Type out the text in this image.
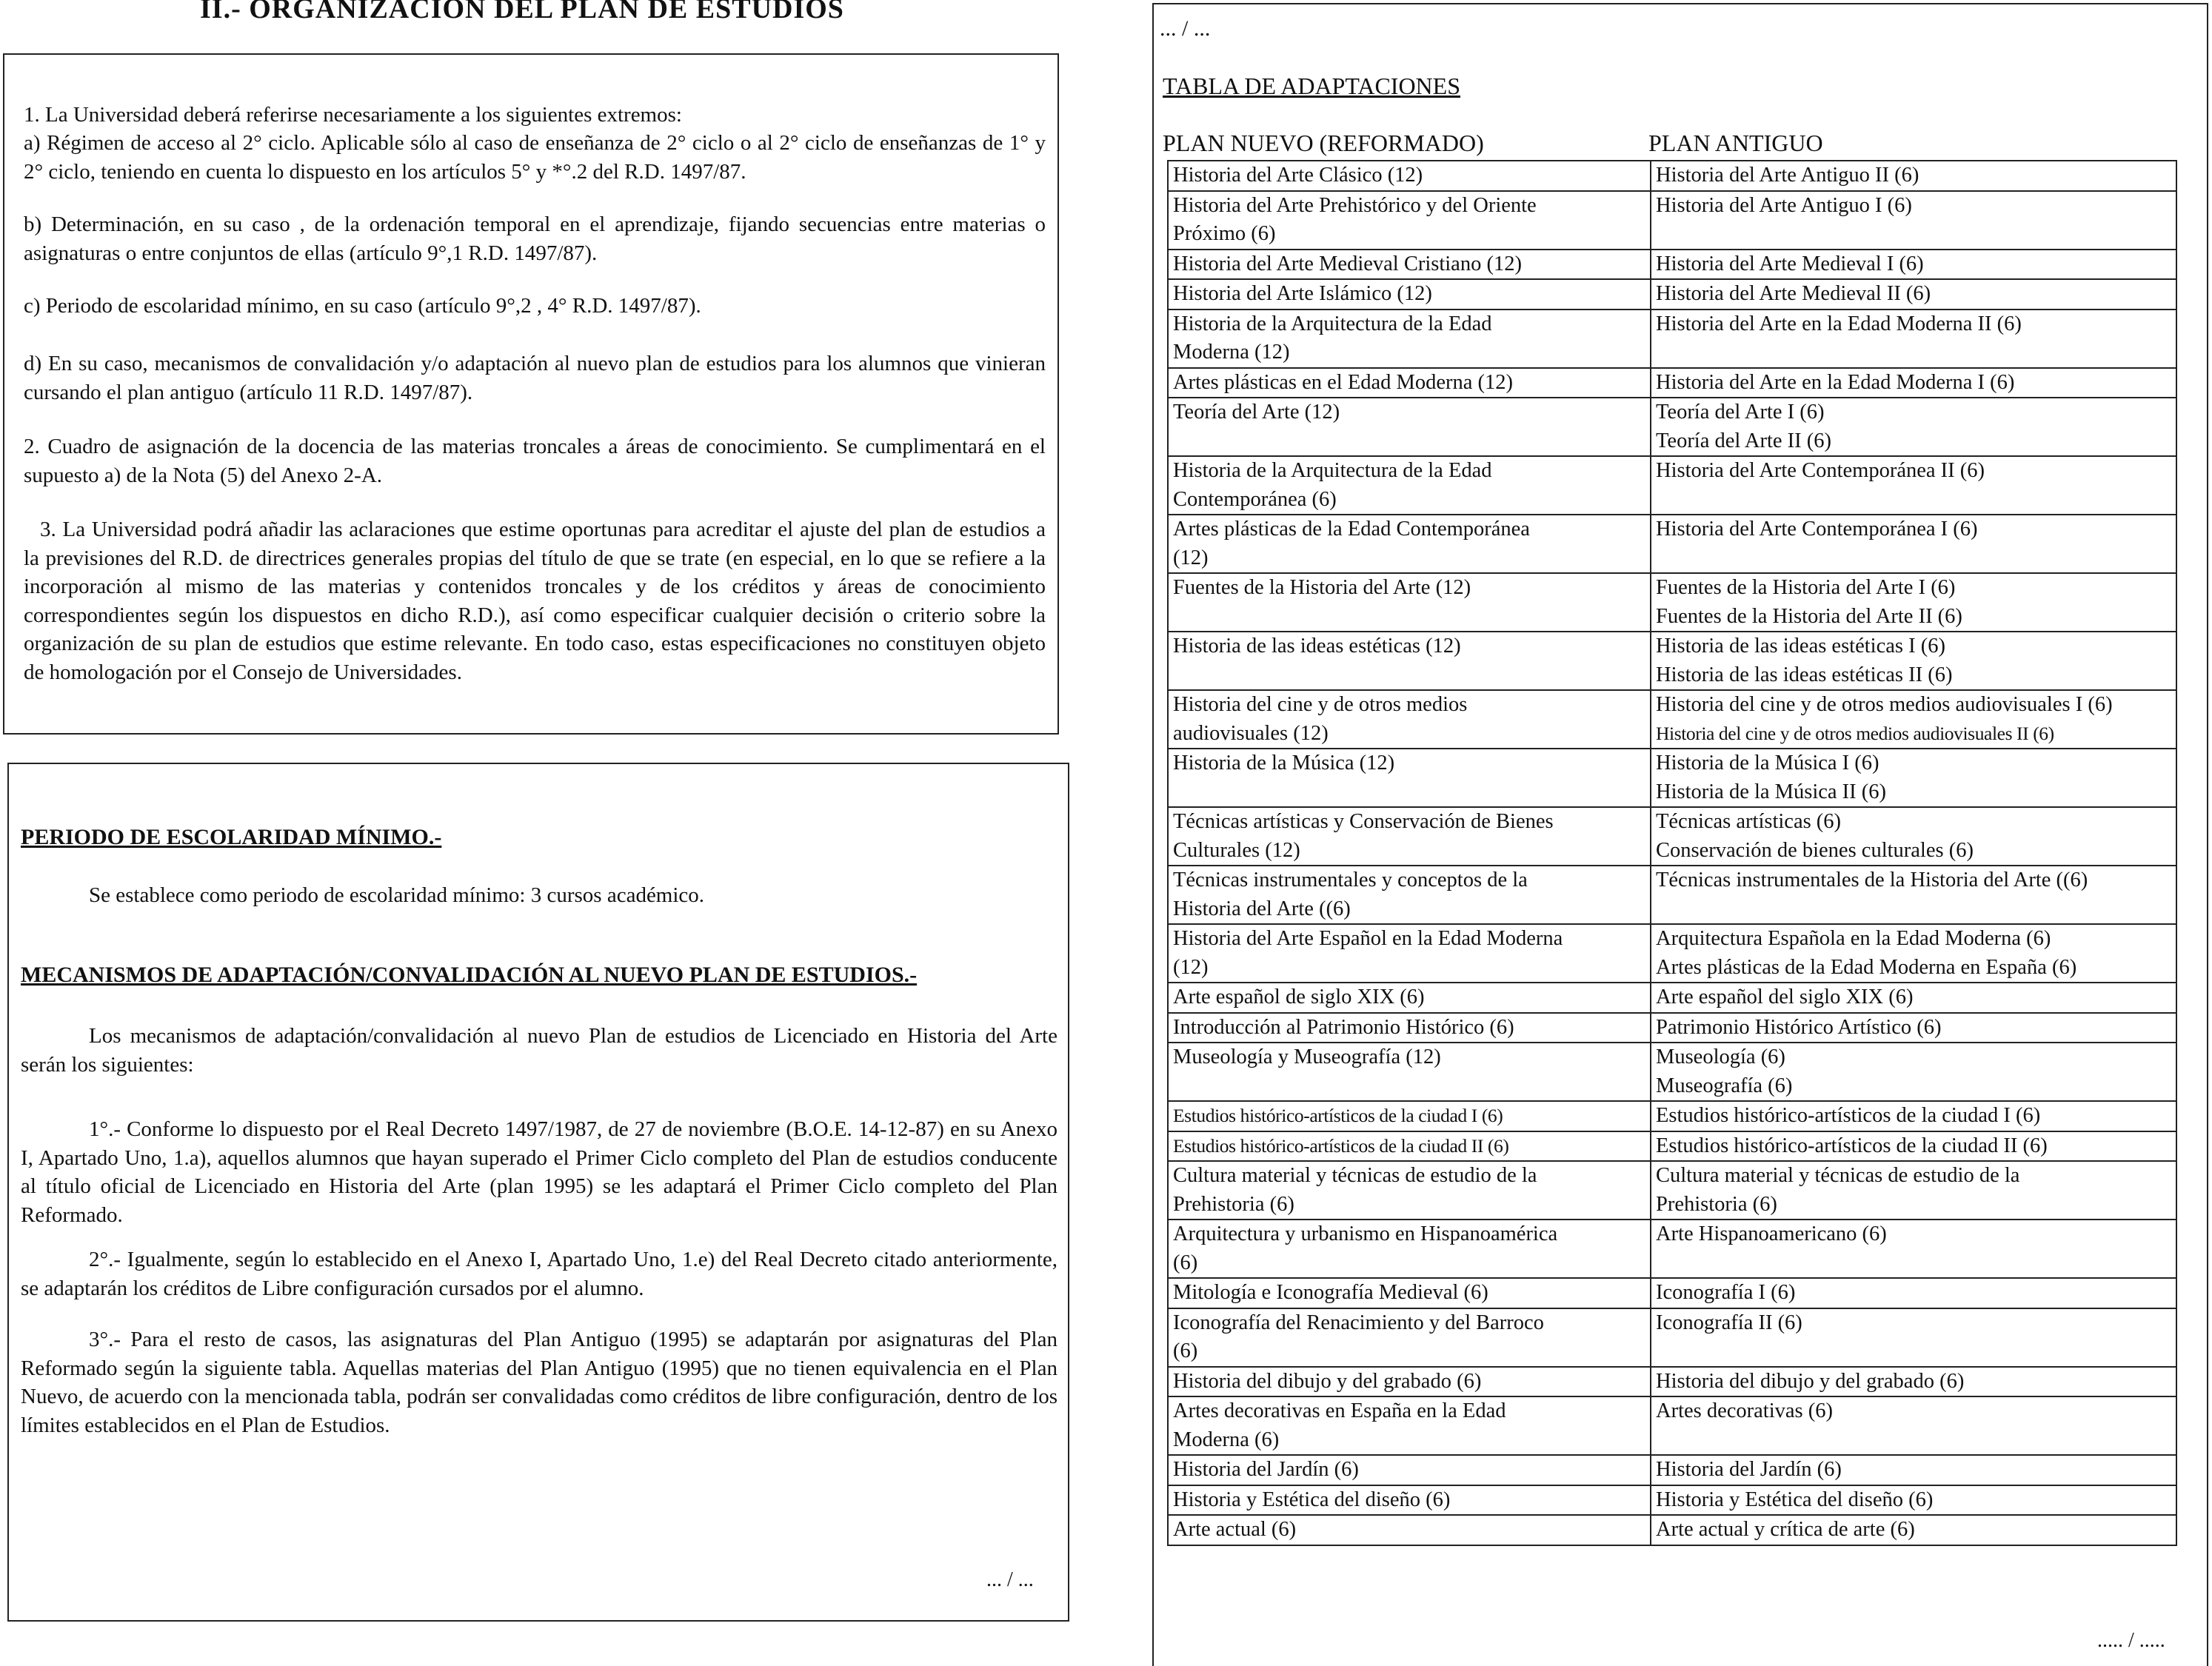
II.- ORGANIZACION DEL PLAN DE ESTUDIOS

1. La Universidad deberá referirse necesariamente a los siguientes extremos:

a) Régimen de acceso al 2° ciclo. Aplicable sólo al caso de enseñanza de 2° ciclo o al 2° ciclo de enseñanzas de 1° y 2° ciclo, teniendo en cuenta lo dispuesto en los artículos 5° y *°.2 del R.D. 1497/87.

b) Determinación, en su caso , de la ordenación temporal en el aprendizaje, fijando secuencias entre materias o asignaturas o entre conjuntos de ellas (artículo 9°,1 R.D. 1497/87).

c) Periodo de escolaridad mínimo, en su caso (artículo 9°,2 , 4° R.D. 1497/87).

d) En su caso, mecanismos de convalidación y/o adaptación al nuevo plan de estudios para los alumnos que vinieran cursando el plan antiguo (artículo 11 R.D. 1497/87).

2. Cuadro de asignación de la docencia de las materias troncales a áreas de conocimiento. Se cumplimentará en el supuesto a) de la Nota (5) del Anexo 2-A.

3. La Universidad podrá añadir las aclaraciones que estime oportunas para acreditar el ajuste del plan de estudios a la previsiones del R.D. de directrices generales propias del título de que se trate (en especial, en lo que se refiere a la incorporación al mismo de las materias y contenidos troncales y de los créditos y áreas de conocimiento correspondientes según los dispuestos en dicho R.D.), así como especificar cualquier decisión o criterio sobre la organización de su plan de estudios que estime relevante. En todo caso, estas especificaciones no constituyen objeto de homologación por el Consejo de Universidades.

PERIODO DE ESCOLARIDAD MÍNIMO.-

Se establece como periodo de escolaridad mínimo: 3 cursos académico.

MECANISMOS DE ADAPTACIÓN/CONVALIDACIÓN AL NUEVO PLAN DE ESTUDIOS.-

Los mecanismos de adaptación/convalidación al nuevo Plan de estudios de Licenciado en Historia del Arte serán los siguientes:

1°.- Conforme lo dispuesto por el Real Decreto 1497/1987, de 27 de noviembre (B.O.E. 14-12-87) en su Anexo I, Apartado Uno, 1.a), aquellos alumnos que hayan superado el Primer Ciclo completo del Plan de estudios conducente al título oficial de Licenciado en Historia del Arte (plan 1995) se les adaptará el Primer Ciclo completo del Plan Reformado.

2°.- Igualmente, según lo establecido en el Anexo I, Apartado Uno, 1.e) del Real Decreto citado anteriormente, se adaptarán los créditos de Libre configuración cursados por el alumno.

3°.- Para el resto de casos, las asignaturas del Plan Antiguo (1995) se adaptarán por asignaturas del Plan Reformado según la siguiente tabla. Aquellas materias del Plan Antiguo (1995) que no tienen equivalencia en el Plan Nuevo, de acuerdo con la mencionada tabla, podrán ser convalidadas como créditos de libre configuración, dentro de los límites establecidos en el Plan de Estudios.

... / ...
... / ...
TABLA DE ADAPTACIONES
PLAN NUEVO (REFORMADO)	PLAN ANTIGUO
Historia del Arte Clásico (12)	Historia del Arte Antiguo II (6)

Historia del Arte Prehistórico y del Oriente
Próximo (6)	Historia del Arte Antiguo I (6)

Historia del Arte Medieval Cristiano (12)	Historia del Arte Medieval I (6)

Historia del Arte Islámico (12)	Historia del Arte Medieval II (6)

Historia de la Arquitectura de la Edad
Moderna (12)	Historia del Arte en la Edad Moderna II (6)

Artes plásticas en el Edad Moderna (12)	Historia del Arte en la Edad Moderna I (6)

Teoría del Arte (12)	Teoría del Arte I (6)
Teoría del Arte II (6)

Historia de la Arquitectura de la Edad
Contemporánea (6)	Historia del Arte Contemporánea II (6)

Artes plásticas de la Edad Contemporánea
(12)	Historia del Arte Contemporánea I (6)

Fuentes de la Historia del Arte (12)	Fuentes de la Historia del Arte I (6)
Fuentes de la Historia del Arte II (6)

Historia de las ideas estéticas (12)	Historia de las ideas estéticas I (6)
Historia de las ideas estéticas II (6)

Historia del cine y de otros medios
audiovisuales (12)	Historia del cine y de otros medios audiovisuales I (6)
Historia del cine y de otros medios audiovisuales II (6)

Historia de la Música (12)	Historia de la Música I (6)
Historia de la Música II (6)

Técnicas artísticas y Conservación de Bienes
Culturales (12)	Técnicas artísticas (6)
Conservación de bienes culturales (6)

Técnicas instrumentales y conceptos de la
Historia del Arte ((6)	Técnicas instrumentales de la Historia del Arte ((6)

Historia del Arte Español en la Edad Moderna
(12)	Arquitectura Española en la Edad Moderna (6)
Artes plásticas de la Edad Moderna en España (6)

Arte español de siglo XIX (6)	Arte español del siglo XIX (6)

Introducción al Patrimonio Histórico (6)	Patrimonio Histórico Artístico (6)

Museología y Museografía (12)	Museología (6)
Museografía (6)

Estudios histórico-artísticos de la ciudad I (6)	Estudios histórico-artísticos de la ciudad I (6)

Estudios histórico-artísticos de la ciudad II (6)	Estudios histórico-artísticos de la ciudad II (6)

Cultura material y técnicas de estudio de la
Prehistoria (6)	Cultura material y técnicas de estudio de la
Prehistoria (6)

Arquitectura y urbanismo en Hispanoamérica
(6)	Arte Hispanoamericano (6)

Mitología e Iconografía Medieval (6)	Iconografía I (6)

Iconografía del Renacimiento y del Barroco
(6)	Iconografía II (6)

Historia del dibujo y del grabado (6)	Historia del dibujo y del grabado (6)

Artes decorativas en España en la Edad
Moderna (6)	Artes decorativas (6)

Historia del Jardín (6)	Historia del Jardín (6)

Historia y Estética del diseño (6)	Historia y Estética del diseño (6)

Arte actual (6)	Arte actual y crítica de arte (6)
..... / .....
